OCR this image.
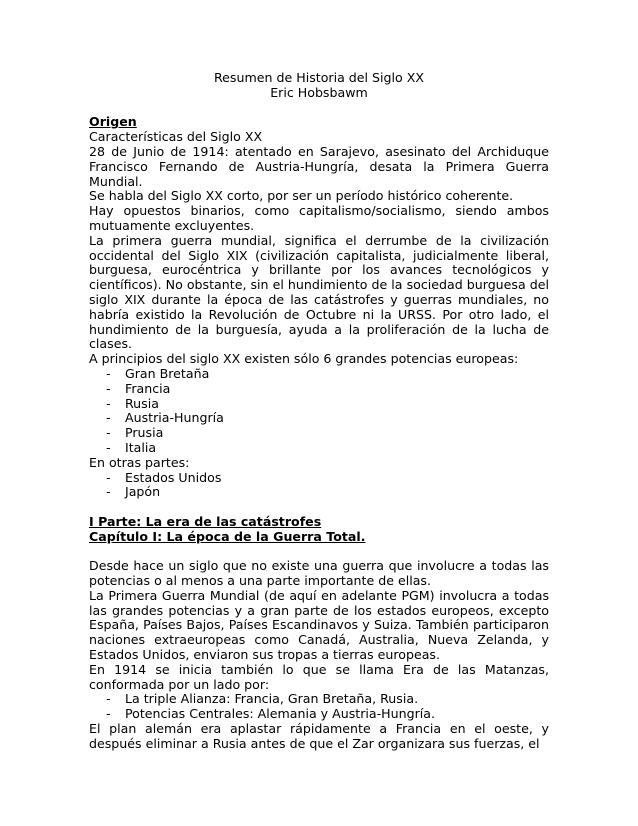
Resumen de Historia del Siglo XX

Eric Hobsbawm

Origen

Características del Siglo XX

28 de Junio de 1914: atentado en Sarajevo, asesinato del Archiduque Francisco Fernando de Austria-Hungría, desata la Primera Guerra Mundial.

Se habla del Siglo XX corto, por ser un período histórico coherente.

Hay opuestos binarios, como capitalismo/socialismo, siendo ambos mutuamente excluyentes.

La primera guerra mundial, significa el derrumbe de la civilización occidental del Siglo XIX (civilización capitalista, judicialmente liberal, burguesa, eurocéntrica y brillante por los avances tecnológicos y científicos). No obstante, sin el hundimiento de la sociedad burguesa del siglo XIX durante la época de las catástrofes y guerras mundiales, no habría existido la Revolución de Octubre ni la URSS. Por otro lado, el hundimiento de la burguesía, ayuda a la proliferación de la lucha de clases.

A principios del siglo XX existen sólo 6 grandes potencias europeas:

- Gran Bretaña
- Francia
- Rusia
- Austria-Hungría
- Prusia
- Italia

En otras partes:

- Estados Unidos
- Japón

I Parte: La era de las catástrofes

Capítulo I: La época de la Guerra Total.

Desde hace un siglo que no existe una guerra que involucre a todas las potencias o al menos a una parte importante de ellas.

La Primera Guerra Mundial (de aquí en adelante PGM) involucra a todas las grandes potencias y a gran parte de los estados europeos, excepto España, Países Bajos, Países Escandinavos y Suiza. También participaron naciones extraeuropeas como Canadá, Australia, Nueva Zelanda, y Estados Unidos, enviaron sus tropas a tierras europeas.

En 1914 se inicia también lo que se llama Era de las Matanzas, conformada por un lado por:

- La triple Alianza: Francia, Gran Bretaña, Rusia.
- Potencias Centrales: Alemania y Austria-Hungría.

El plan alemán era aplastar rápidamente a Francia en el oeste, y después eliminar a Rusia antes de que el Zar organizara sus fuerzas, el
